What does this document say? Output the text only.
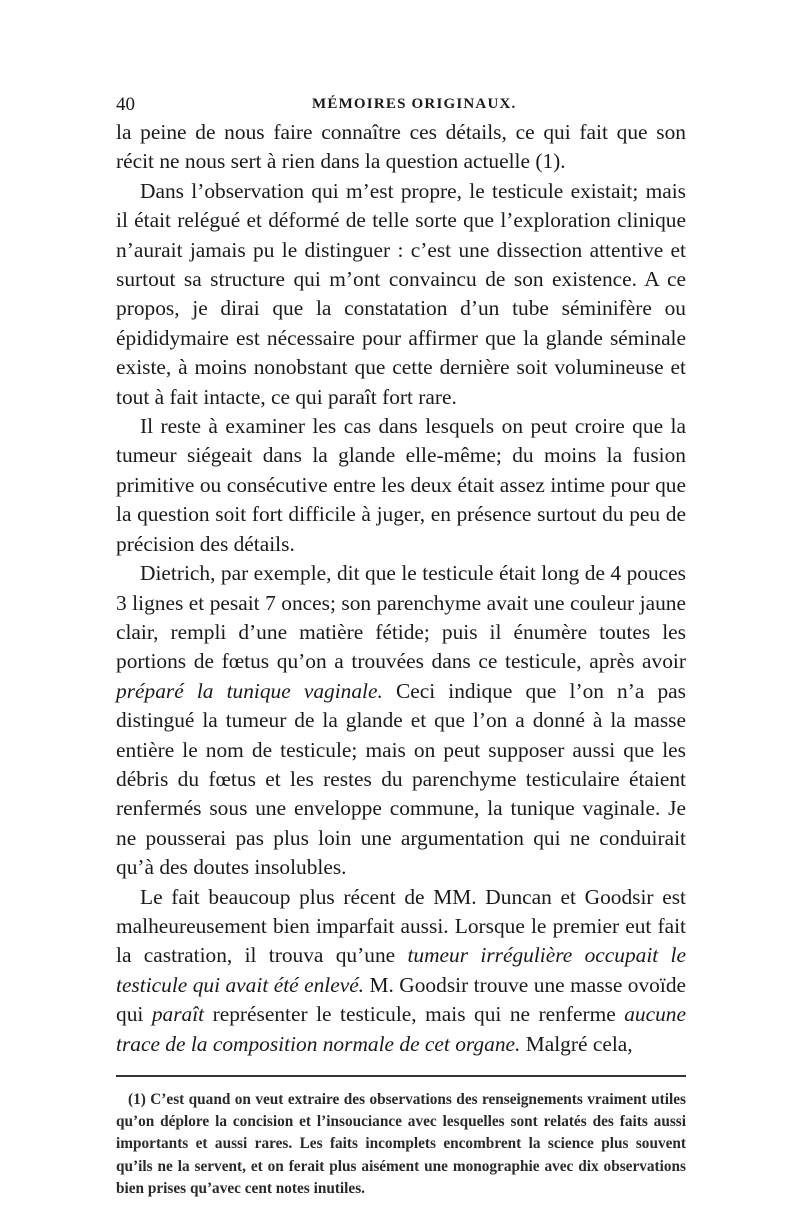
40	MÉMOIRES ORIGINAUX.

la peine de nous faire connaître ces détails, ce qui fait que son récit ne nous sert à rien dans la question actuelle (1).

Dans l’observation qui m’est propre, le testicule existait; mais il était relégué et déformé de telle sorte que l’exploration clinique n’aurait jamais pu le distinguer : c’est une dissection attentive et surtout sa structure qui m’ont convaincu de son existence. A ce propos, je dirai que la constatation d’un tube séminifère ou épididymaire est nécessaire pour affirmer que la glande séminale existe, à moins nonobstant que cette dernière soit volumineuse et tout à fait intacte, ce qui paraît fort rare.

Il reste à examiner les cas dans lesquels on peut croire que la tumeur siégeait dans la glande elle-même; du moins la fusion primitive ou consécutive entre les deux était assez intime pour que la question soit fort difficile à juger, en présence surtout du peu de précision des détails.

Dietrich, par exemple, dit que le testicule était long de 4 pouces 3 lignes et pesait 7 onces; son parenchyme avait une couleur jaune clair, rempli d’une matière fétide; puis il énumère toutes les portions de fœtus qu’on a trouvées dans ce testicule, après avoir préparé la tunique vaginale. Ceci indique que l’on n’a pas distingué la tumeur de la glande et que l’on a donné à la masse entière le nom de testicule; mais on peut supposer aussi que les débris du fœtus et les restes du parenchyme testiculaire étaient renfermés sous une enveloppe commune, la tunique vaginale. Je ne pousserai pas plus loin une argumentation qui ne conduirait qu’à des doutes insolubles.

Le fait beaucoup plus récent de MM. Duncan et Goodsir est malheureusement bien imparfait aussi. Lorsque le premier eut fait la castration, il trouva qu’une tumeur irrégulière occupait le testicule qui avait été enlevé. M. Goodsir trouve une masse ovoïde qui paraît représenter le testicule, mais qui ne renferme aucune trace de la composition normale de cet organe. Malgré cela,

(1) C’est quand on veut extraire des observations des renseignements vraiment utiles qu’on déplore la concision et l’insouciance avec lesquelles sont relatés des faits aussi importants et aussi rares. Les faits incomplets encombrent la science plus souvent qu’ils ne la servent, et on ferait plus aisément une monographie avec dix observations bien prises qu’avec cent notes inutiles.
